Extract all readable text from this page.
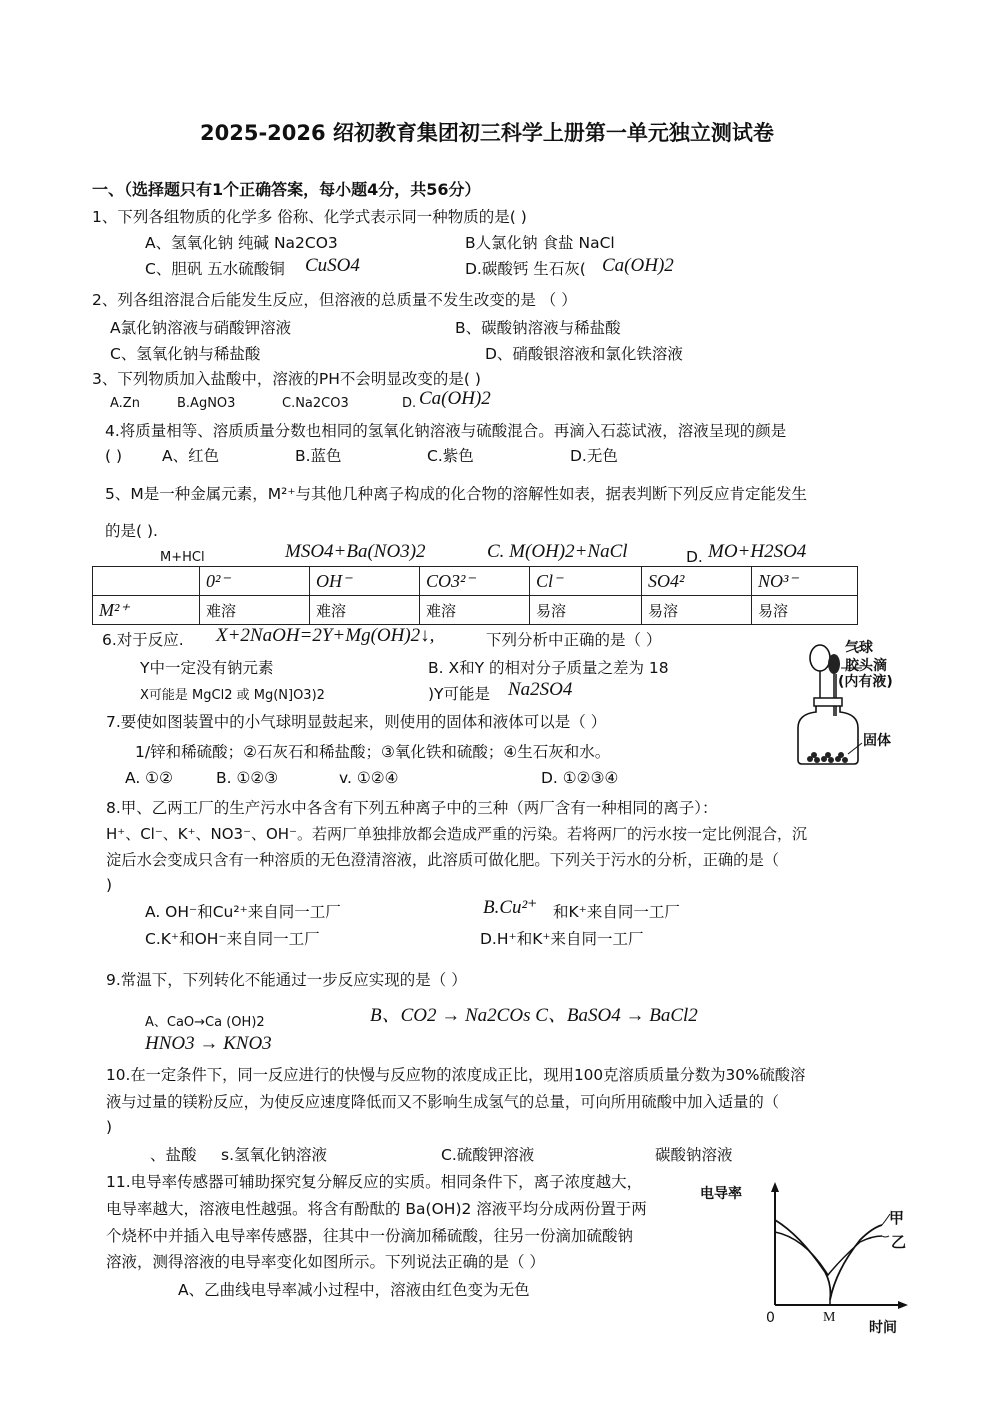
2025-2026 绍初教育集团初三科学上册第一单元独立测试卷
一、（选择题只有1个正确答案，每小题4分，共56分）
1、下列各组物质的化学多 俗称、化学式表示同一种物质的是( )
A、氢氧化钠 纯碱 Na2CO3	B人氯化钠 食盐 NaCl
C、胆矾 五水硫酸铜 CuSO4	D.碳酸钙 生石灰( Ca(OH)2
2、列各组溶混合后能发生反应，但溶液的总质量不发生改变的是 （ ）
A氯化钠溶液与硝酸钾溶液	B、碳酸钠溶液与稀盐酸
C、氢氧化钠与稀盐酸	D、硝酸银溶液和氯化铁溶液
3、下列物质加入盐酸中，溶液的PH不会明显改变的是( )
A.Zn	B.AgNO3	C.Na2CO3	D. Ca(OH)2
4.将质量相等、溶质质量分数也相同的氢氧化钠溶液与硫酸混合。再滴入石蕊试液，溶液呈现的颜是
( )	A、红色	B.蓝色	C.紫色	D.无色
5、M是一种金属元素，M²⁺与其他几种离子构成的化合物的溶解性如表，据表判断下列反应肯定能发生
的是( ).
M+HCl	MSO4+Ba(NO3)2	C. M(OH)2+NaCl	D. MO+H2SO4
	0²⁻	OH⁻	CO3²⁻	Cl⁻	SO4²	NO³⁻
M²⁺	难溶	难溶	难溶	易溶	易溶	易溶
6.对于反应. X+2NaOH=2Y+Mg(OH)2↓,	下列分析中正确的是（ ）
Y中一定没有钠元素	B. X和Y 的相对分子质量之差为 18
X可能是 MgCl2 或 Mg(N]O3)2	)Y可能是 Na2SO4
气球
胶头滴
(内有液)
固体
7.要使如图装置中的小气球明显鼓起来，则使用的固体和液体可以是（ ）
1/锌和稀硫酸；②石灰石和稀盐酸；③氧化铁和硫酸；④生石灰和水。
A. ①②	B. ①②③	v. ①②④	D. ①②③④
8.甲、乙两工厂的生产污水中各含有下列五种离子中的三种（两厂含有一种相同的离子）：
H⁺、Cl⁻、K⁺、NO3⁻、OH⁻。若两厂单独排放都会造成严重的污染。若将两厂的污水按一定比例混合，沉
淀后水会变成只含有一种溶质的无色澄清溶液，此溶质可做化肥。下列关于污水的分析，正确的是（
)
A. OH⁻和Cu²⁺来自同一工厂	B.Cu²⁺ 和K⁺来自同一工厂
C.K⁺和OH⁻来自同一工厂	D.H⁺和K⁺来自同一工厂
9.常温下，下列转化不能通过一步反应实现的是（ ）
A、CaO→Ca (OH)2	B、CO2 → Na2COs C、BaSO4 → BaCl2
HNO3 → KNO3
10.在一定条件下，同一反应进行的快慢与反应物的浓度成正比，现用100克溶质质量分数为30%硫酸溶
液与过量的镁粉反应，为使反应速度降低而又不影响生成氢气的总量，可向所用硫酸中加入适量的（
)
、盐酸 s.氢氧化钠溶液	C.硫酸钾溶液	碳酸钠溶液
11.电导率传感器可辅助探究复分解反应的实质。相同条件下，离子浓度越大，
电导率越大，溶液电性越强。将含有酚酞的 Ba(OH)2 溶液平均分成两份置于两
个烧杯中并插入电导率传感器，往其中一份滴加稀硫酸，往另一份滴加硫酸钠
溶液，测得溶液的电导率变化如图所示。下列说法正确的是（ ）
A、乙曲线电导率减小过程中，溶液由红色变为无色
电导率
时间
0	M
甲
乙
